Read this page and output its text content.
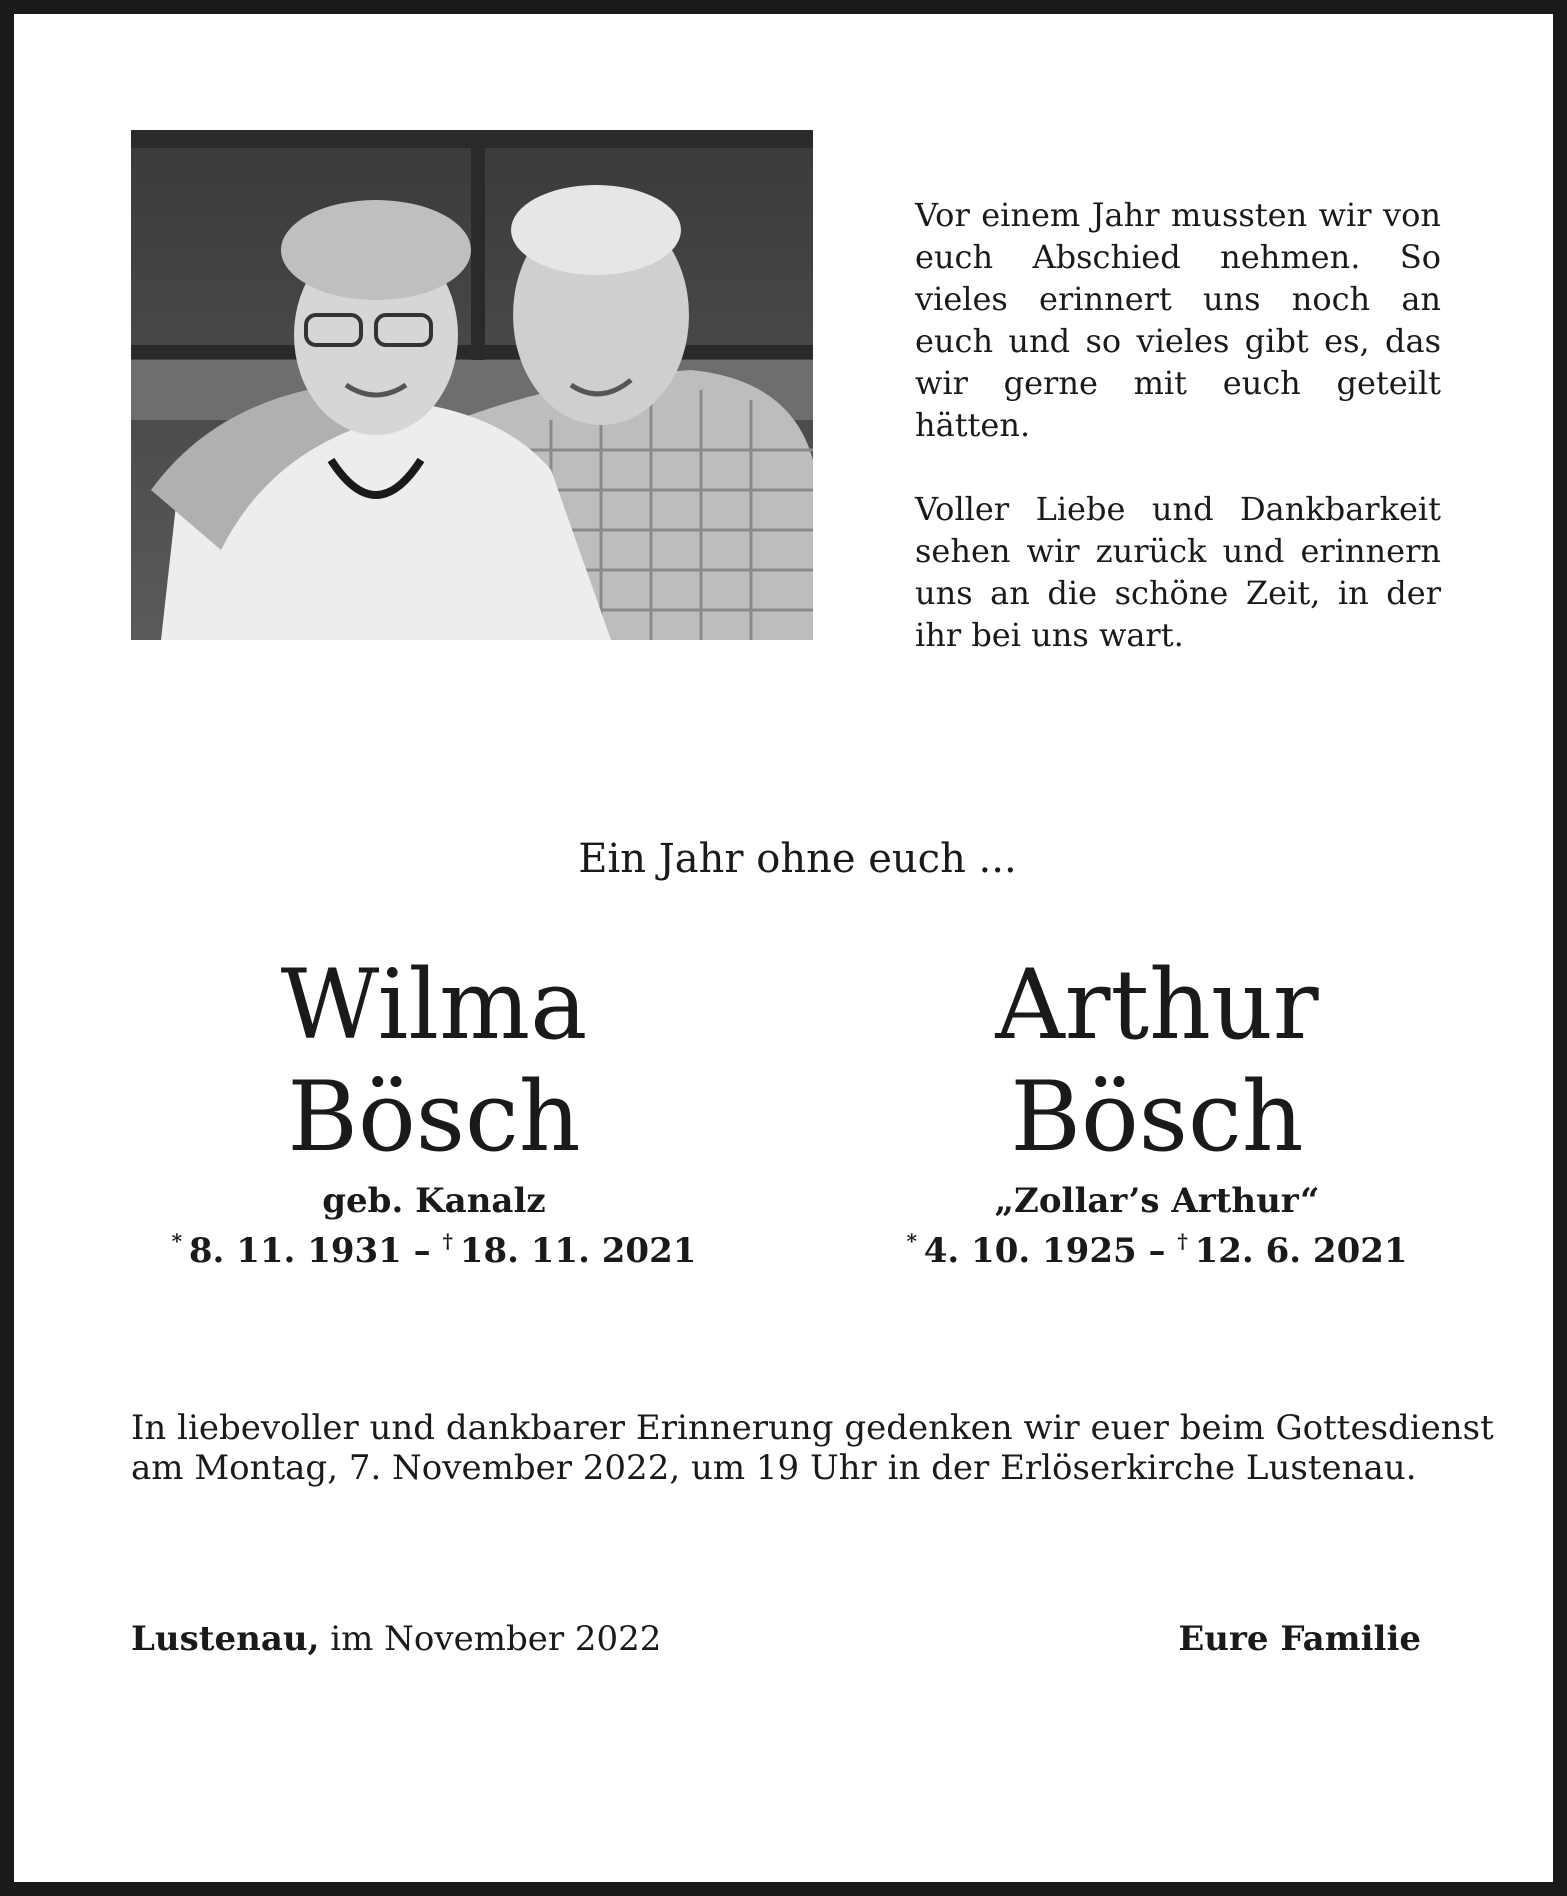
Vor einem Jahr mussten wir von euch Abschied nehmen. So vieles erinnert uns noch an euch und so vieles gibt es, das wir gerne mit euch geteilt hätten.

Voller Liebe und Dankbarkeit sehen wir zurück und erinnern uns an die schöne Zeit, in der ihr bei uns wart.

Ein Jahr ohne euch ...
Wilma
Bösch
geb. Kanalz
*  8. 11. 1931 – †  18. 11. 2021
Arthur
Bösch
„Zollar’s Arthur“
*  4. 10. 1925 – †  12. 6. 2021
In liebevoller und dankbarer Erinnerung gedenken wir euer beim Gottesdienst
am Montag, 7. November 2022, um 19 Uhr in der Erlöserkirche Lustenau.
Lustenau, im November 2022	Eure Familie
